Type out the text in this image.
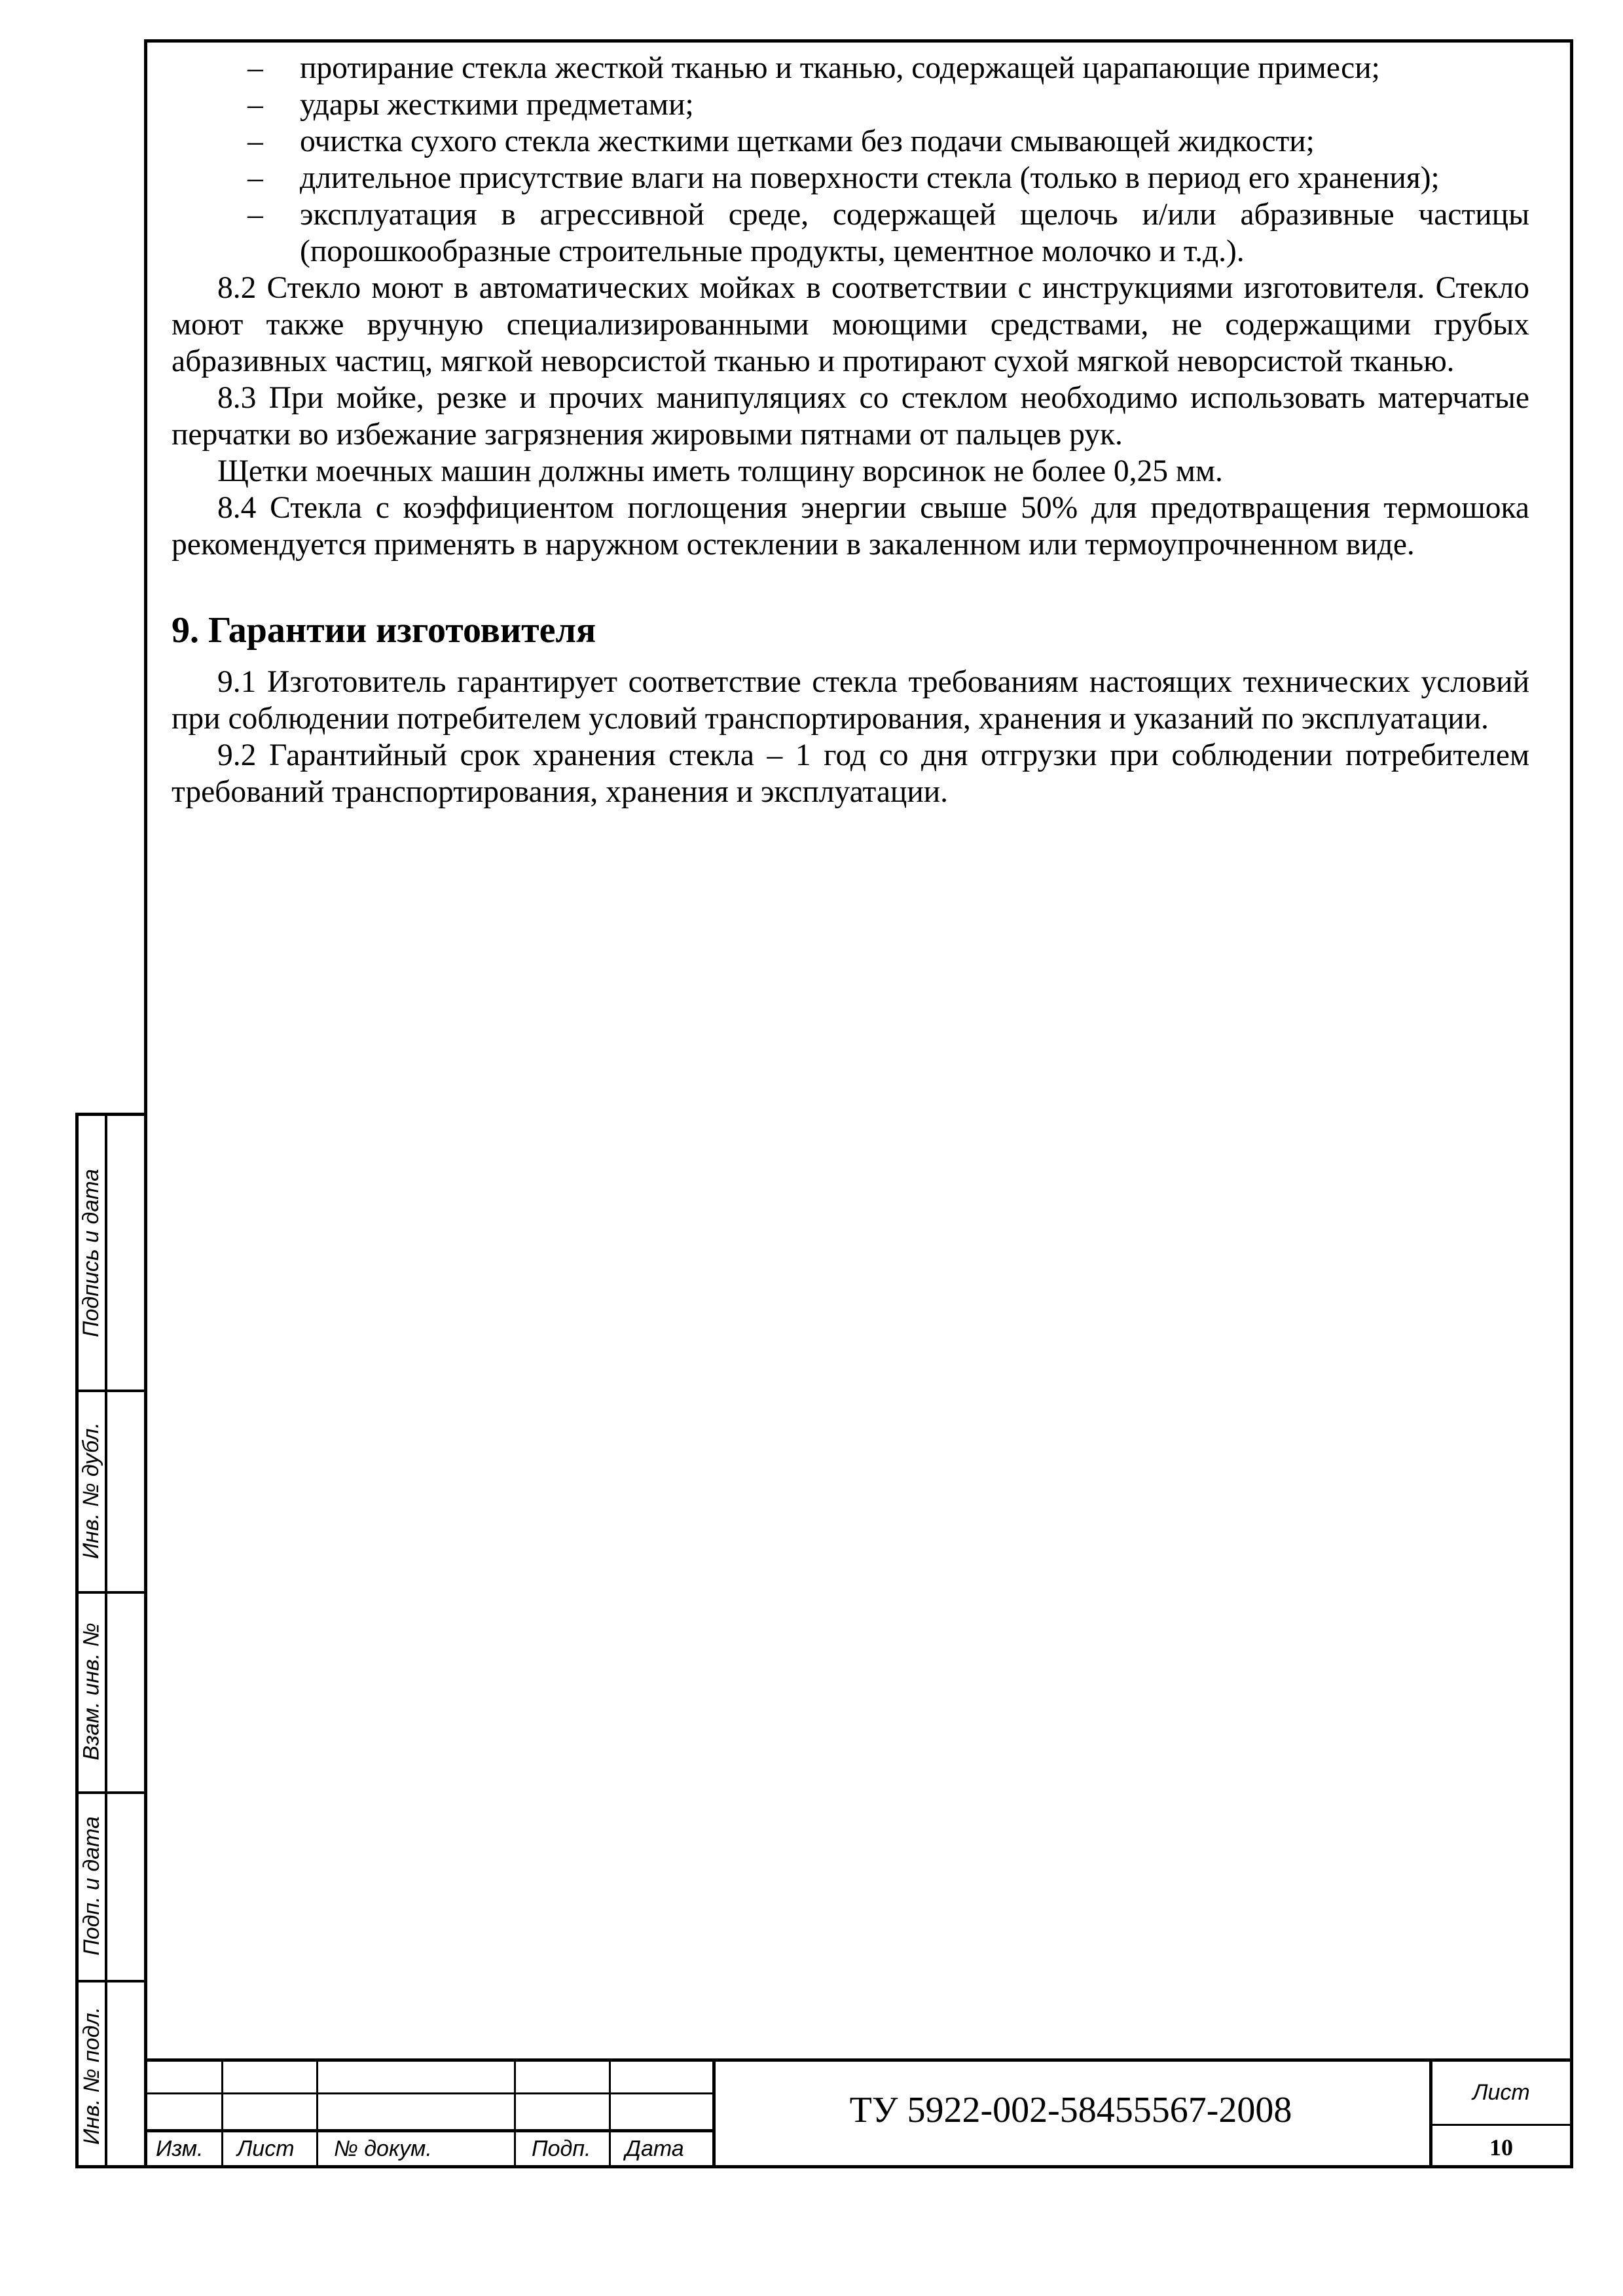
– протирание стекла жесткой тканью и тканью, содержащей царапающие примеси;
– удары жесткими предметами;
– очистка сухого стекла жесткими щетками без подачи смывающей жидкости;
– длительное присутствие влаги на поверхности стекла (только в период его хранения);
– эксплуатация в агрессивной среде, содержащей щелочь и/или абразивные частицы (порошкообразные строительные продукты, цементное молочко и т.д.).

8.2 Стекло моют в автоматических мойках в соответствии с инструкциями изготовителя. Стекло моют также вручную специализированными моющими средствами, не содержащими грубых абразивных частиц, мягкой неворсистой тканью и протирают сухой мягкой неворсистой тканью.

8.3 При мойке, резке и прочих манипуляциях со стеклом необходимо использовать матерчатые перчатки во избежание загрязнения жировыми пятнами от пальцев рук.

Щетки моечных машин должны иметь толщину ворсинок не более 0,25 мм.

8.4 Стекла с коэффициентом поглощения энергии свыше 50% для предотвращения термошока рекомендуется применять в наружном остеклении в закаленном или термоупрочненном виде.

9. Гарантии изготовителя

9.1 Изготовитель гарантирует соответствие стекла требованиям настоящих технических условий при соблюдении потребителем условий транспортирования, хранения и указаний по эксплуатации.

9.2 Гарантийный срок хранения стекла – 1 год со дня отгрузки при соблюдении потребителем требований транспортирования, хранения и эксплуатации.

Подпись и дата
Инв. № дубл.
Взам. инв. №
Подп. и дата
Инв. № подл.
Изм. Лист № докум.	Подп. Дата
ТУ 5922-002-58455567-2008	Лист
10
